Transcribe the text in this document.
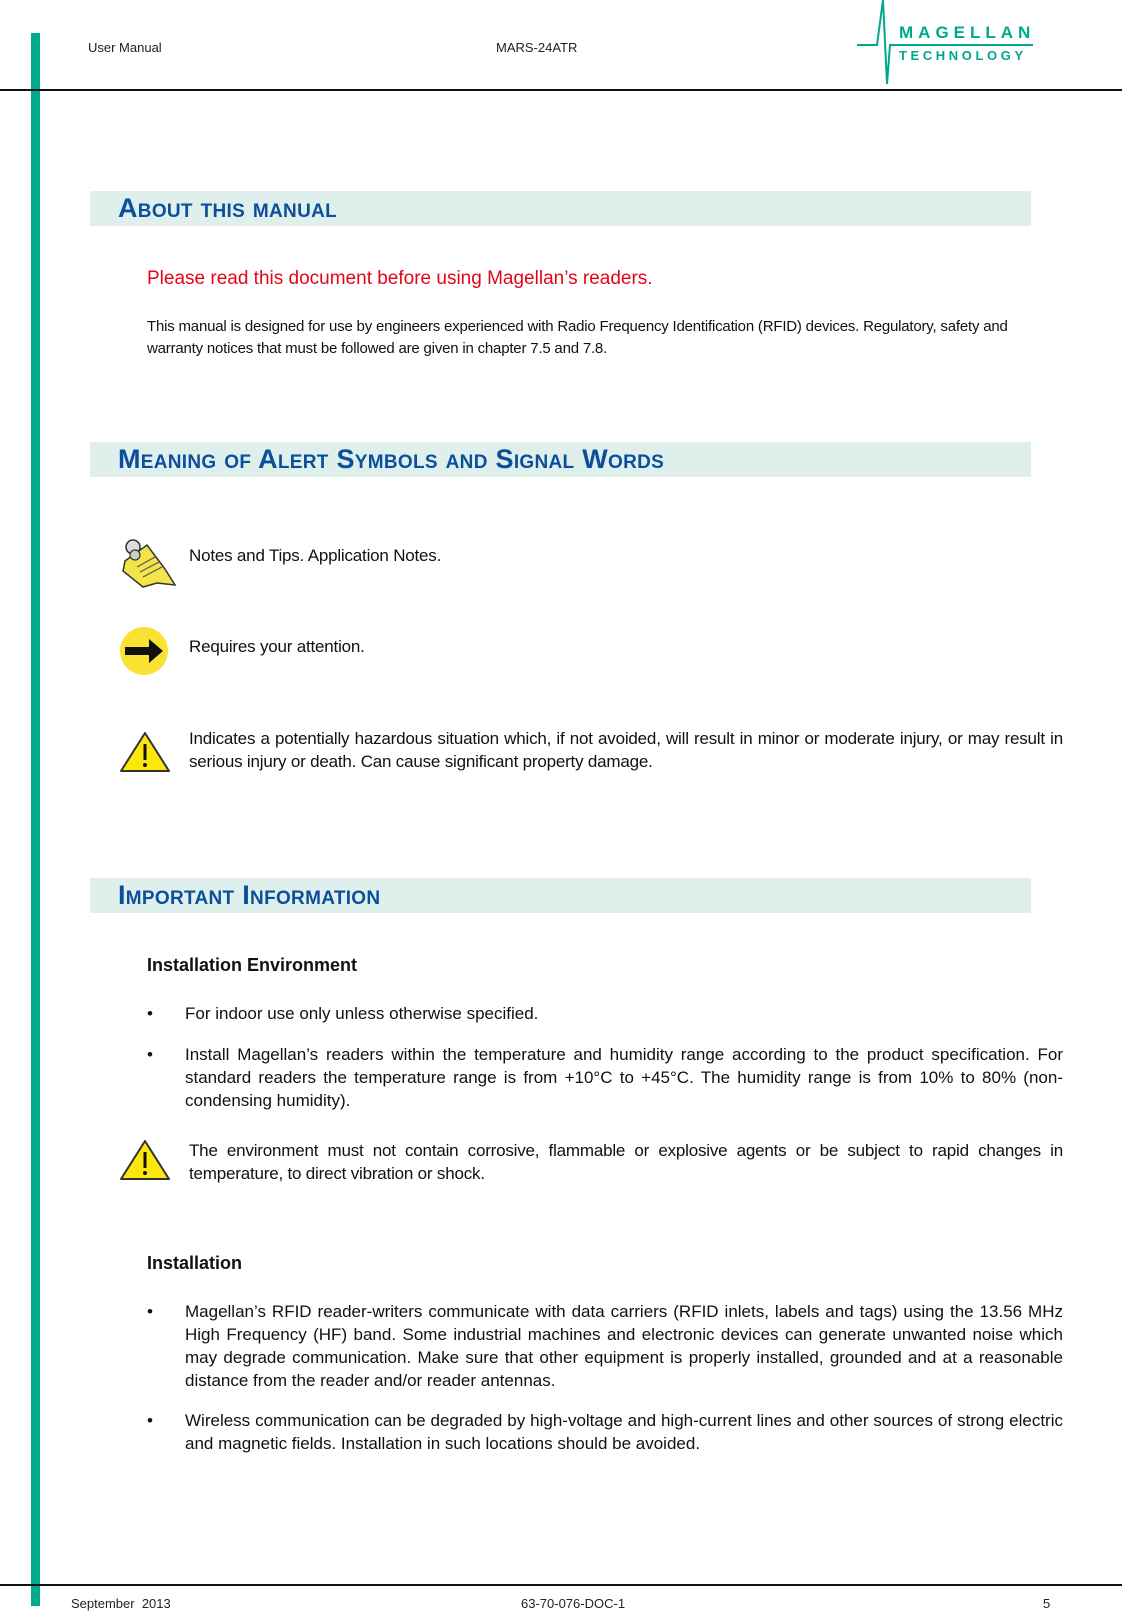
User Manual	MARS-24ATR
MAGELLAN
TECHNOLOGY
About this manual
Please read this document before using Magellan’s readers.
This manual is designed for use by engineers experienced with Radio Frequency Identification (RFID) devices. Regulatory, safety and warranty notices that must be followed are given in chapter 7.5 and 7.8.
Meaning of Alert Symbols and Signal Words
Notes and Tips. Application Notes.
Requires your attention.
Indicates a potentially hazardous situation which, if not avoided, will result in minor or moderate injury, or may result in serious injury or death. Can cause significant property damage.
Important Information
Installation Environment
• For indoor use only unless otherwise specified.
• Install Magellan’s readers within the temperature and humidity range according to the product specification. For standard readers the temperature range is from +10°C to +45°C. The humidity range is from 10% to 80% (non-condensing humidity).
The environment must not contain corrosive, flammable or explosive agents or be subject to rapid changes in temperature, to direct vibration or shock.
Installation
• Magellan’s RFID reader-writers communicate with data carriers (RFID inlets, labels and tags) using the 13.56 MHz High Frequency (HF) band. Some industrial machines and electronic devices can generate unwanted noise which may degrade communication. Make sure that other equipment is properly installed, grounded and at a reasonable distance from the reader and/or reader antennas.
• Wireless communication can be degraded by high-voltage and high-current lines and other sources of strong electric and magnetic fields. Installation in such locations should be avoided.
September  2013	63-70-076-DOC-1	5
